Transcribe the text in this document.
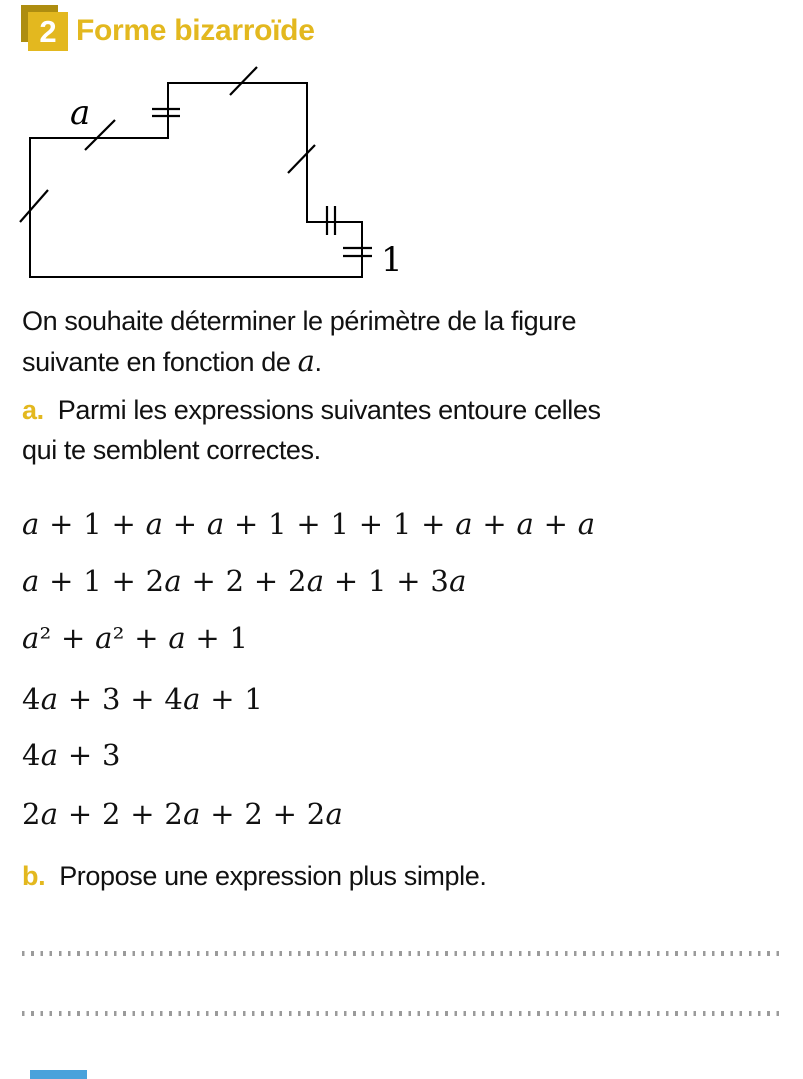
2 Forme bizarroïde
a
1
On souhaite déterminer le périmètre de la figure
suivante en fonction de a.
a. Parmi les expressions suivantes entoure celles
qui te semblent correctes.
a + 1 + a + a + 1 + 1 + 1 + a + a + a
a + 1 + 2a + 2 + 2a + 1 + 3a
a² + a² + a + 1
4a + 3 + 4a + 1
4a + 3
2a + 2 + 2a + 2 + 2a
b. Propose une expression plus simple.
